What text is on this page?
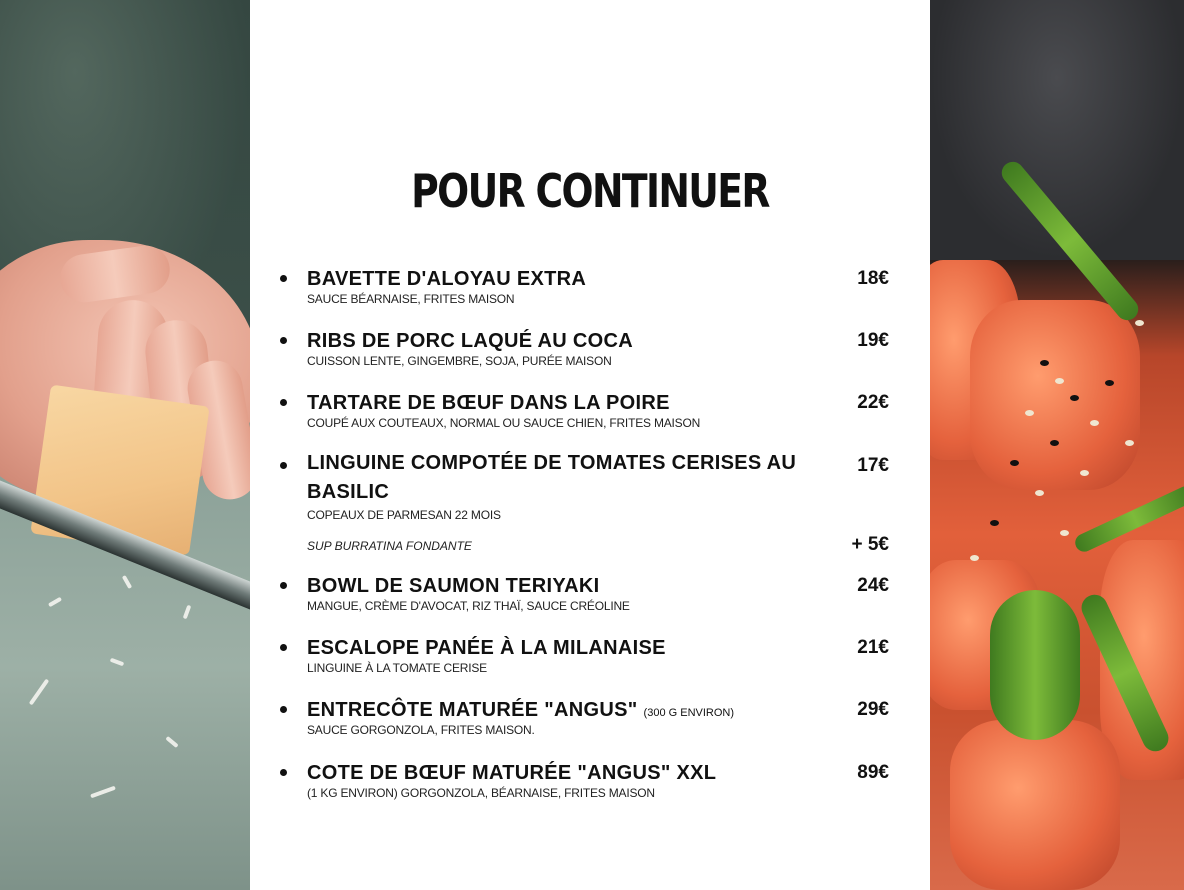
POUR CONTINUER
BAVETTE D'ALOYAU EXTRA
SAUCE BÉARNAISE, FRITES MAISON
18€
RIBS DE PORC LAQUÉ AU COCA
CUISSON LENTE, GINGEMBRE, SOJA, PURÉE MAISON
19€
TARTARE DE BŒUF DANS LA POIRE
COUPÉ AUX COUTEAUX, NORMAL OU SAUCE CHIEN, FRITES MAISON
22€
LINGUINE COMPOTÉE DE TOMATES CERISES AU BASILIC
COPEAUX DE PARMESAN 22 MOIS
17€
SUP BURRATINA FONDANTE	+ 5€
BOWL DE SAUMON TERIYAKI
MANGUE, CRÈME D'AVOCAT, RIZ THAÏ, SAUCE CRÉOLINE
24€
ESCALOPE PANÉE À LA MILANAISE
LINGUINE À LA TOMATE CERISE
21€
ENTRECÔTE MATURÉE "ANGUS" (300 G ENVIRON)
SAUCE GORGONZOLA, FRITES MAISON.
29€
COTE DE BŒUF MATURÉE "ANGUS" XXL
(1 KG ENVIRON) GORGONZOLA, BÉARNAISE, FRITES MAISON
89€
